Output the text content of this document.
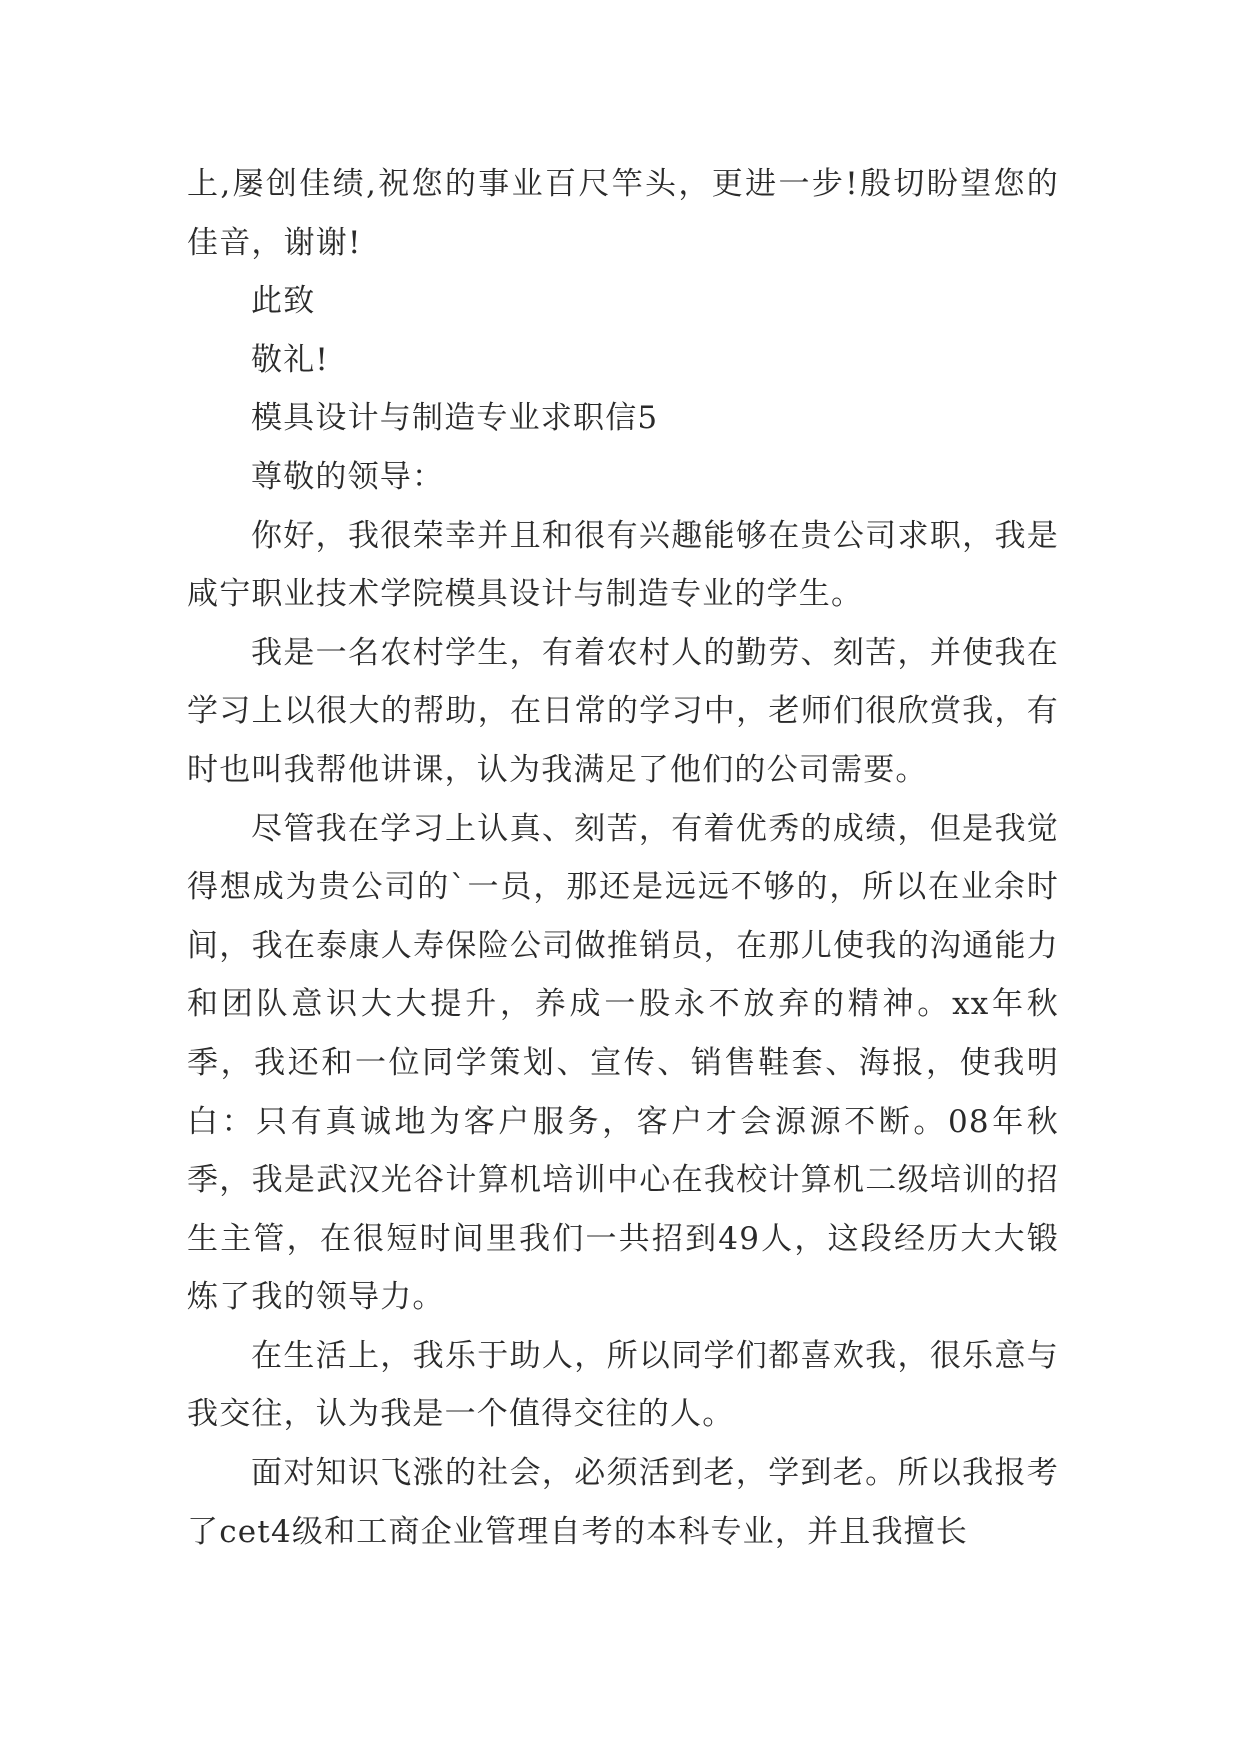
上,屡创佳绩,祝您的事业百尺竿头，更进一步!殷切盼望您的佳音，谢谢!

此致

敬礼!

模具设计与制造专业求职信5

尊敬的领导：

你好，我很荣幸并且和很有兴趣能够在贵公司求职，我是咸宁职业技术学院模具设计与制造专业的学生。

我是一名农村学生，有着农村人的勤劳、刻苦，并使我在学习上以很大的帮助，在日常的学习中，老师们很欣赏我，有时也叫我帮他讲课，认为我满足了他们的公司需要。

尽管我在学习上认真、刻苦，有着优秀的成绩，但是我觉得想成为贵公司的`一员，那还是远远不够的，所以在业余时间，我在泰康人寿保险公司做推销员，在那儿使我的沟通能力和团队意识大大提升，养成一股永不放弃的精神。xx年秋季，我还和一位同学策划、宣传、销售鞋套、海报，使我明白：只有真诚地为客户服务，客户才会源源不断。08年秋季，我是武汉光谷计算机培训中心在我校计算机二级培训的招生主管，在很短时间里我们一共招到49人，这段经历大大锻炼了我的领导力。

在生活上，我乐于助人，所以同学们都喜欢我，很乐意与我交往，认为我是一个值得交往的人。

面对知识飞涨的社会，必须活到老，学到老。所以我报考了cet4级和工商企业管理自考的本科专业，并且我擅长
